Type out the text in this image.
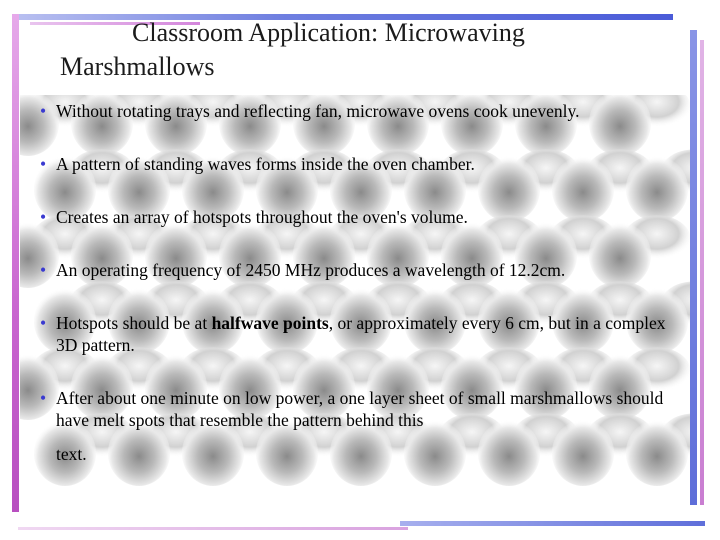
Classroom Application: Microwaving
Marshmallows
• Without rotating trays and reflecting fan, microwave ovens cook unevenly.
• A pattern of standing waves forms inside the oven chamber.
• Creates an array of hotspots throughout the oven's volume.
• An operating frequency of 2450 MHz produces a wavelength of 12.2cm.
• Hotspots should be at halfwave points, or approximately every 6 cm, but in a complex 3D pattern.
• After about one minute on low power, a one layer sheet of small marshmallows should have melt spots that resemble the pattern behind this
text.
